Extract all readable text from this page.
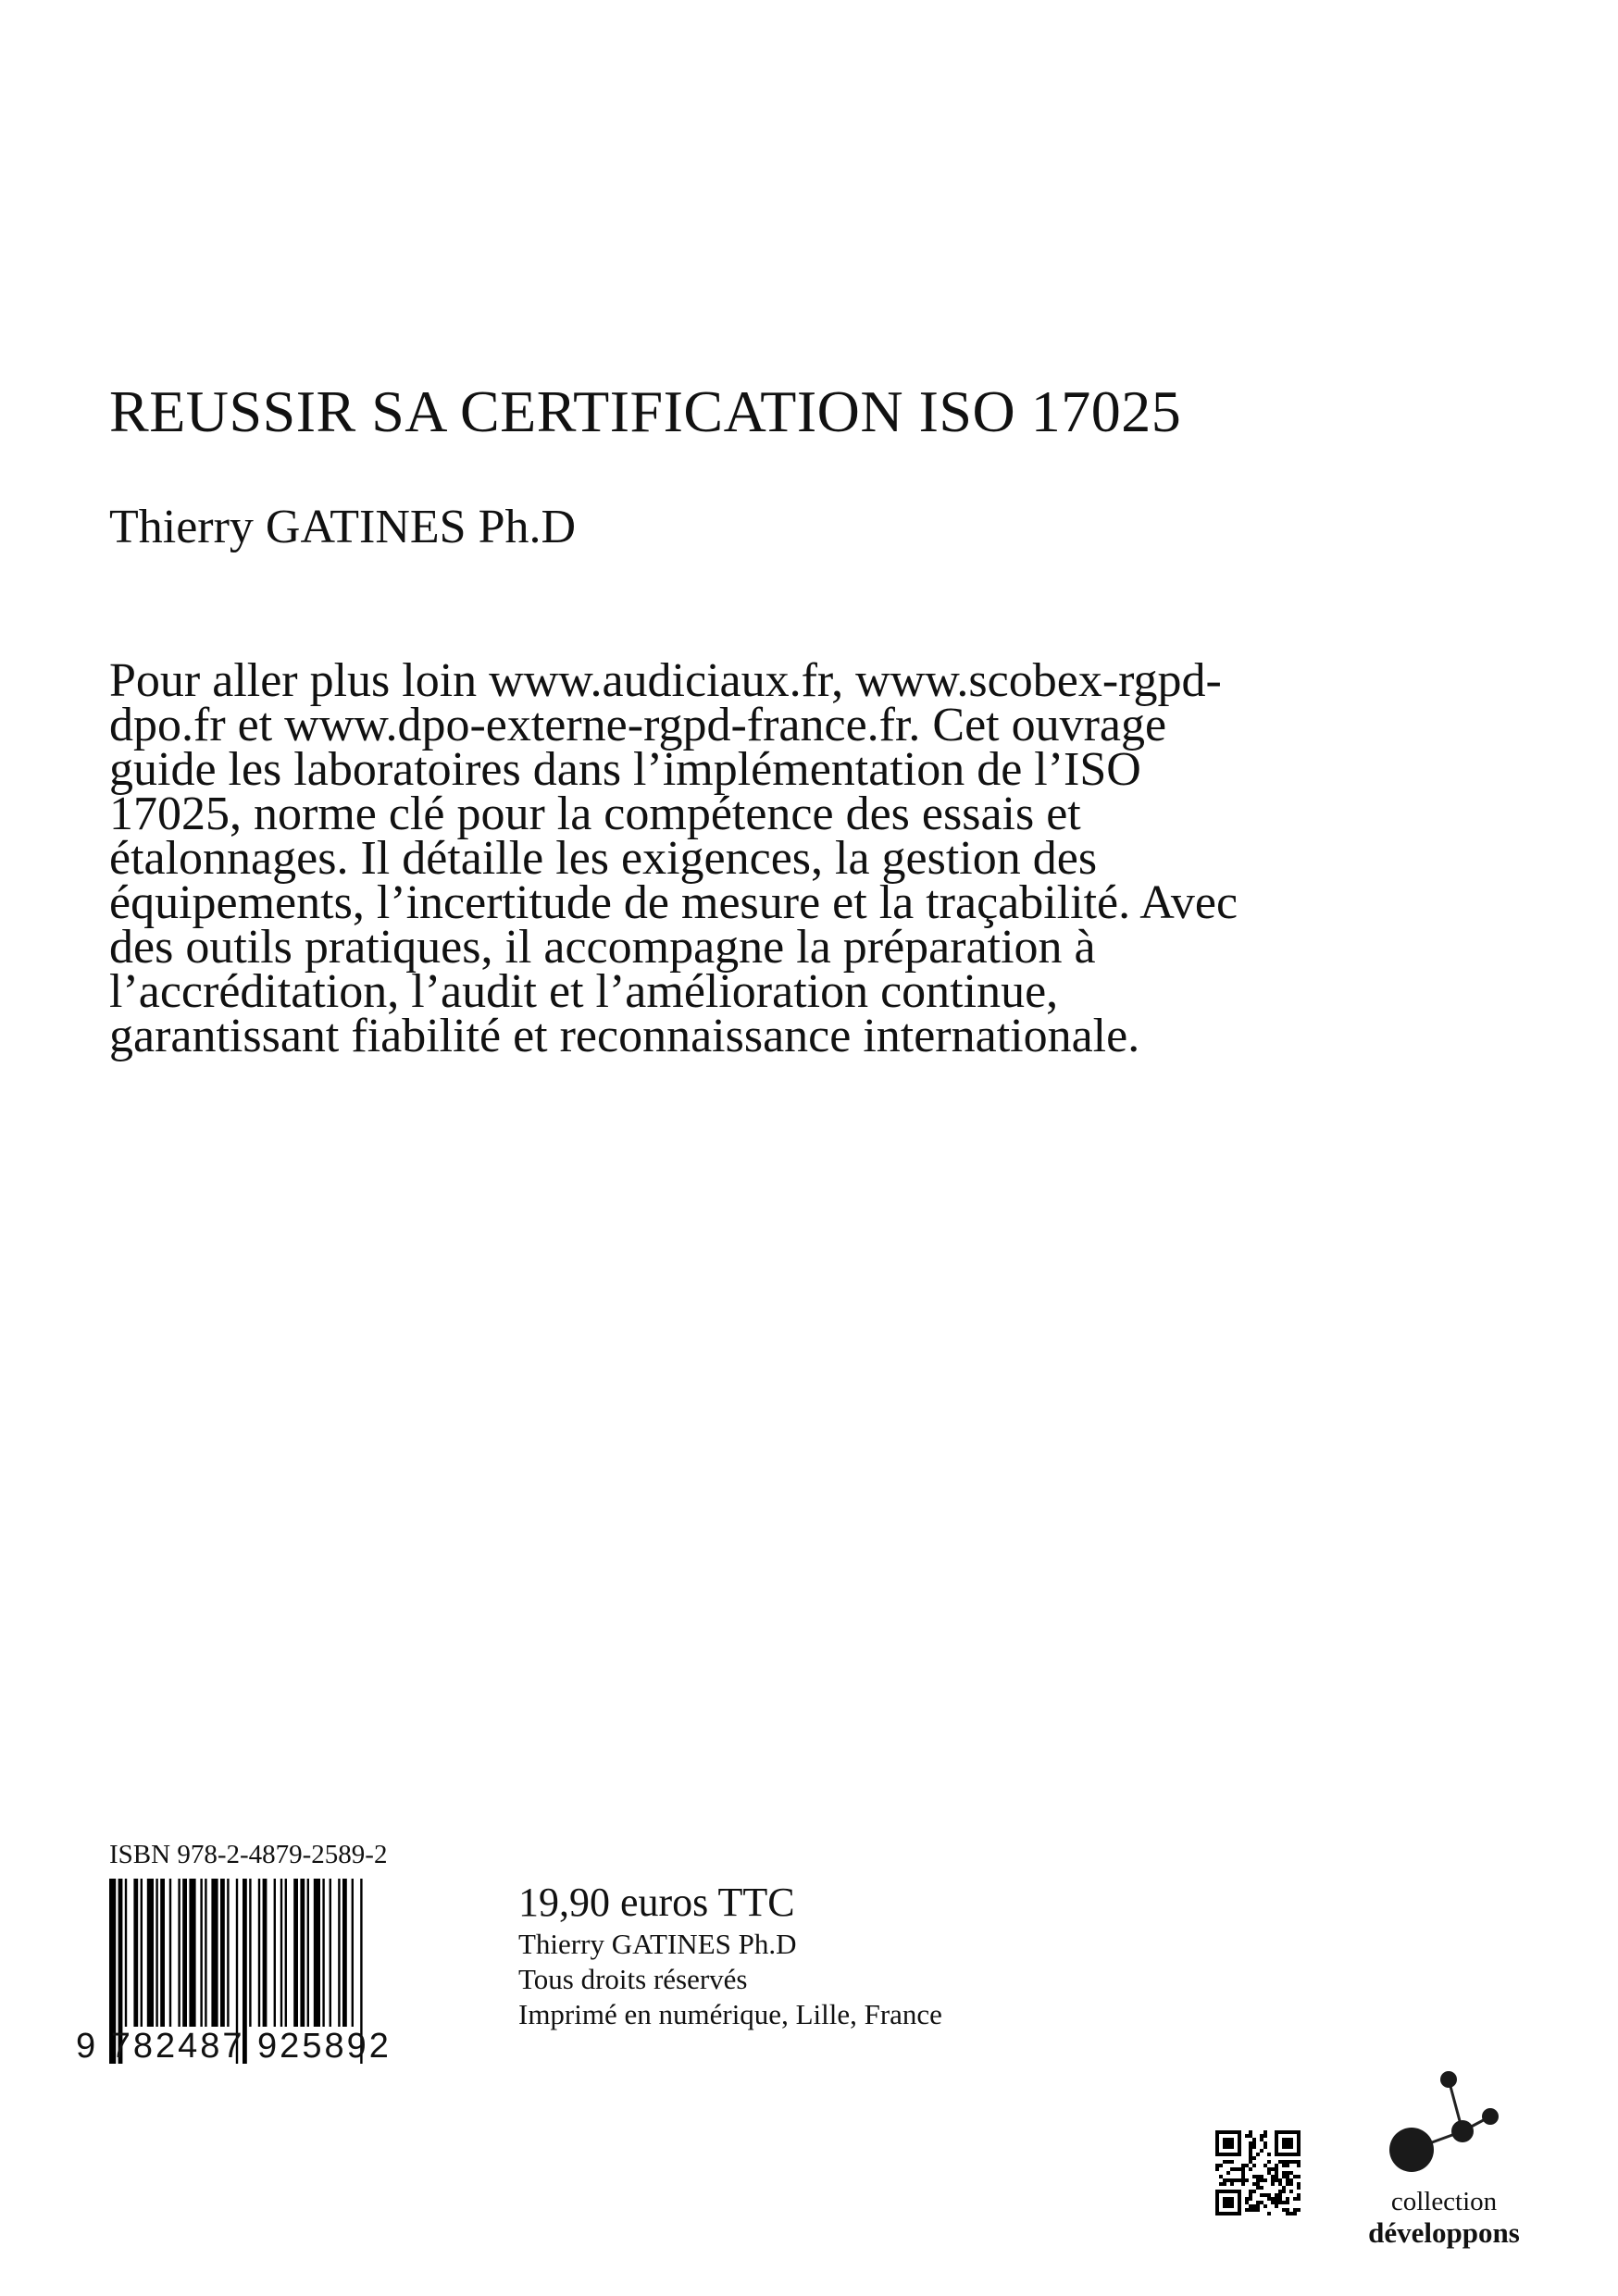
REUSSIR SA CERTIFICATION ISO 17025
Thierry GATINES Ph.D

Pour aller plus loin www.audiciaux.fr, www.scobex-rgpd-dpo.fr et www.dpo-externe-rgpd-france.fr. Cet ouvrage guide les laboratoires dans l’implémentation de l’ISO 17025, norme clé pour la compétence des essais et étalonnages. Il détaille les exigences, la gestion des équipements, l’incertitude de mesure et la traçabilité. Avec des outils pratiques, il accompagne la préparation à l’accréditation, l’audit et l’amélioration continue, garantissant fiabilité et reconnaissance internationale.

ISBN 978-2-4879-2589-2
9 782487 925892
19,90 euros TTC
Thierry GATINES Ph.D
Tous droits réservés
Imprimé en numérique, Lille, France
collection
développons
